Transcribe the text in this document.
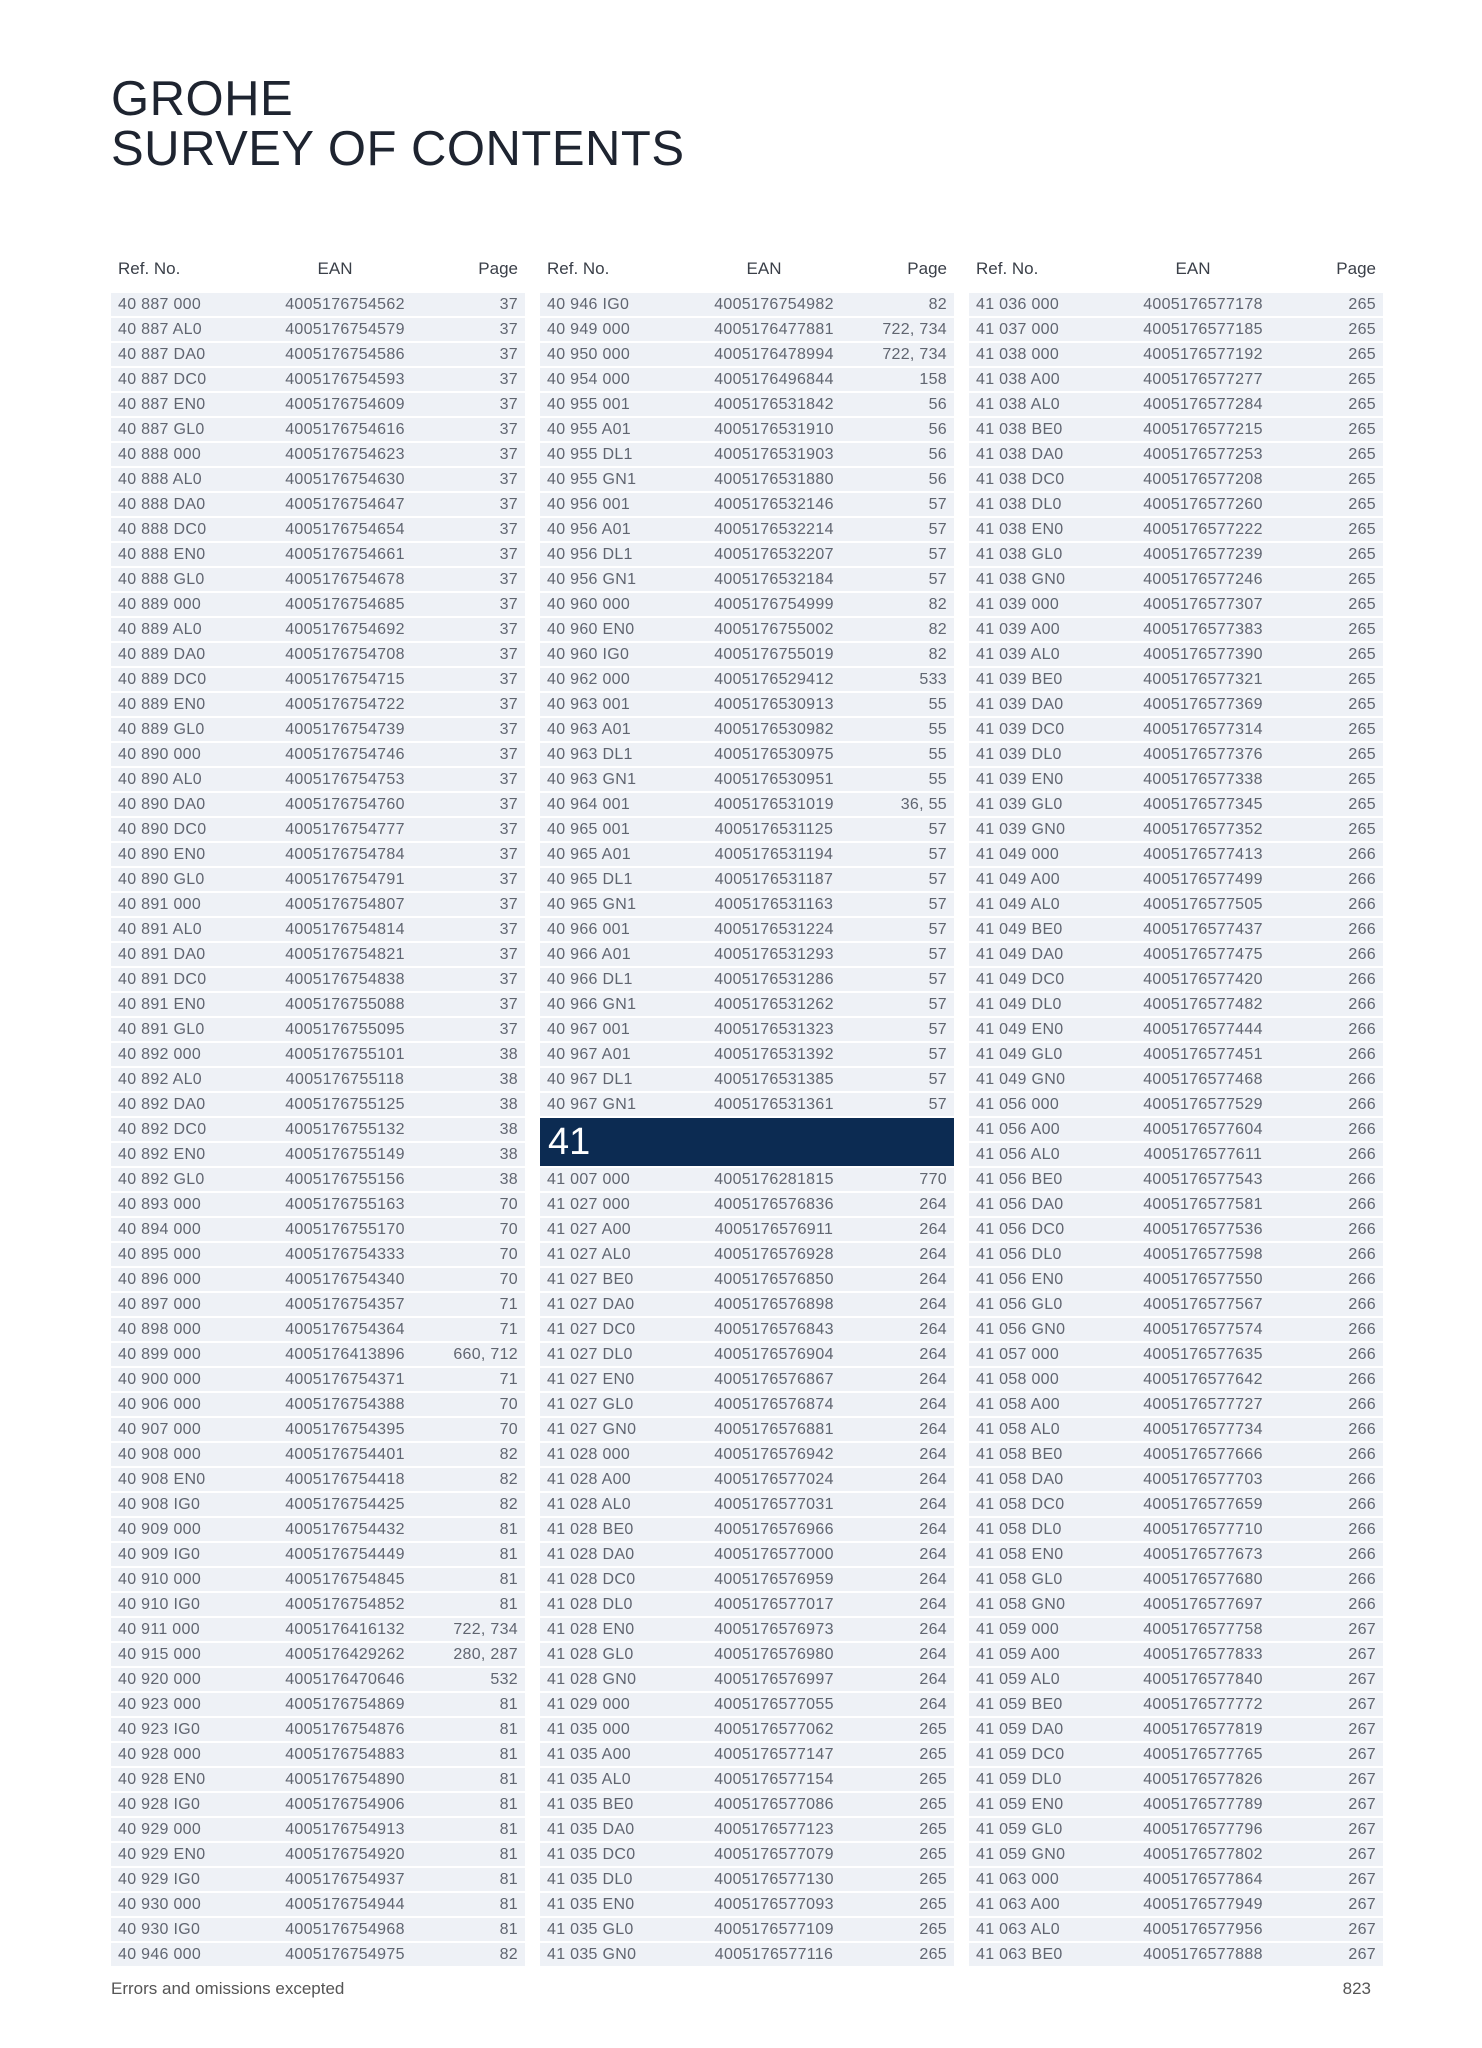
GROHE
SURVEY OF CONTENTS
Ref. No.	EAN	Page
40 887 000	4005176754562	37
40 887 AL0	4005176754579	37
40 887 DA0	4005176754586	37
40 887 DC0	4005176754593	37
40 887 EN0	4005176754609	37
40 887 GL0	4005176754616	37
40 888 000	4005176754623	37
40 888 AL0	4005176754630	37
40 888 DA0	4005176754647	37
40 888 DC0	4005176754654	37
40 888 EN0	4005176754661	37
40 888 GL0	4005176754678	37
40 889 000	4005176754685	37
40 889 AL0	4005176754692	37
40 889 DA0	4005176754708	37
40 889 DC0	4005176754715	37
40 889 EN0	4005176754722	37
40 889 GL0	4005176754739	37
40 890 000	4005176754746	37
40 890 AL0	4005176754753	37
40 890 DA0	4005176754760	37
40 890 DC0	4005176754777	37
40 890 EN0	4005176754784	37
40 890 GL0	4005176754791	37
40 891 000	4005176754807	37
40 891 AL0	4005176754814	37
40 891 DA0	4005176754821	37
40 891 DC0	4005176754838	37
40 891 EN0	4005176755088	37
40 891 GL0	4005176755095	37
40 892 000	4005176755101	38
40 892 AL0	4005176755118	38
40 892 DA0	4005176755125	38
40 892 DC0	4005176755132	38
40 892 EN0	4005176755149	38
40 892 GL0	4005176755156	38
40 893 000	4005176755163	70
40 894 000	4005176755170	70
40 895 000	4005176754333	70
40 896 000	4005176754340	70
40 897 000	4005176754357	71
40 898 000	4005176754364	71
40 899 000	4005176413896	660, 712
40 900 000	4005176754371	71
40 906 000	4005176754388	70
40 907 000	4005176754395	70
40 908 000	4005176754401	82
40 908 EN0	4005176754418	82
40 908 IG0	4005176754425	82
40 909 000	4005176754432	81
40 909 IG0	4005176754449	81
40 910 000	4005176754845	81
40 910 IG0	4005176754852	81
40 911 000	4005176416132	722, 734
40 915 000	4005176429262	280, 287
40 920 000	4005176470646	532
40 923 000	4005176754869	81
40 923 IG0	4005176754876	81
40 928 000	4005176754883	81
40 928 EN0	4005176754890	81
40 928 IG0	4005176754906	81
40 929 000	4005176754913	81
40 929 EN0	4005176754920	81
40 929 IG0	4005176754937	81
40 930 000	4005176754944	81
40 930 IG0	4005176754968	81
40 946 000	4005176754975	82
Ref. No.	EAN	Page
40 946 IG0	4005176754982	82
40 949 000	4005176477881	722, 734
40 950 000	4005176478994	722, 734
40 954 000	4005176496844	158
40 955 001	4005176531842	56
40 955 A01	4005176531910	56
40 955 DL1	4005176531903	56
40 955 GN1	4005176531880	56
40 956 001	4005176532146	57
40 956 A01	4005176532214	57
40 956 DL1	4005176532207	57
40 956 GN1	4005176532184	57
40 960 000	4005176754999	82
40 960 EN0	4005176755002	82
40 960 IG0	4005176755019	82
40 962 000	4005176529412	533
40 963 001	4005176530913	55
40 963 A01	4005176530982	55
40 963 DL1	4005176530975	55
40 963 GN1	4005176530951	55
40 964 001	4005176531019	36, 55
40 965 001	4005176531125	57
40 965 A01	4005176531194	57
40 965 DL1	4005176531187	57
40 965 GN1	4005176531163	57
40 966 001	4005176531224	57
40 966 A01	4005176531293	57
40 966 DL1	4005176531286	57
40 966 GN1	4005176531262	57
40 967 001	4005176531323	57
40 967 A01	4005176531392	57
40 967 DL1	4005176531385	57
40 967 GN1	4005176531361	57
41
41 007 000	4005176281815	770
41 027 000	4005176576836	264
41 027 A00	4005176576911	264
41 027 AL0	4005176576928	264
41 027 BE0	4005176576850	264
41 027 DA0	4005176576898	264
41 027 DC0	4005176576843	264
41 027 DL0	4005176576904	264
41 027 EN0	4005176576867	264
41 027 GL0	4005176576874	264
41 027 GN0	4005176576881	264
41 028 000	4005176576942	264
41 028 A00	4005176577024	264
41 028 AL0	4005176577031	264
41 028 BE0	4005176576966	264
41 028 DA0	4005176577000	264
41 028 DC0	4005176576959	264
41 028 DL0	4005176577017	264
41 028 EN0	4005176576973	264
41 028 GL0	4005176576980	264
41 028 GN0	4005176576997	264
41 029 000	4005176577055	264
41 035 000	4005176577062	265
41 035 A00	4005176577147	265
41 035 AL0	4005176577154	265
41 035 BE0	4005176577086	265
41 035 DA0	4005176577123	265
41 035 DC0	4005176577079	265
41 035 DL0	4005176577130	265
41 035 EN0	4005176577093	265
41 035 GL0	4005176577109	265
41 035 GN0	4005176577116	265
Ref. No.	EAN	Page
41 036 000	4005176577178	265
41 037 000	4005176577185	265
41 038 000	4005176577192	265
41 038 A00	4005176577277	265
41 038 AL0	4005176577284	265
41 038 BE0	4005176577215	265
41 038 DA0	4005176577253	265
41 038 DC0	4005176577208	265
41 038 DL0	4005176577260	265
41 038 EN0	4005176577222	265
41 038 GL0	4005176577239	265
41 038 GN0	4005176577246	265
41 039 000	4005176577307	265
41 039 A00	4005176577383	265
41 039 AL0	4005176577390	265
41 039 BE0	4005176577321	265
41 039 DA0	4005176577369	265
41 039 DC0	4005176577314	265
41 039 DL0	4005176577376	265
41 039 EN0	4005176577338	265
41 039 GL0	4005176577345	265
41 039 GN0	4005176577352	265
41 049 000	4005176577413	266
41 049 A00	4005176577499	266
41 049 AL0	4005176577505	266
41 049 BE0	4005176577437	266
41 049 DA0	4005176577475	266
41 049 DC0	4005176577420	266
41 049 DL0	4005176577482	266
41 049 EN0	4005176577444	266
41 049 GL0	4005176577451	266
41 049 GN0	4005176577468	266
41 056 000	4005176577529	266
41 056 A00	4005176577604	266
41 056 AL0	4005176577611	266
41 056 BE0	4005176577543	266
41 056 DA0	4005176577581	266
41 056 DC0	4005176577536	266
41 056 DL0	4005176577598	266
41 056 EN0	4005176577550	266
41 056 GL0	4005176577567	266
41 056 GN0	4005176577574	266
41 057 000	4005176577635	266
41 058 000	4005176577642	266
41 058 A00	4005176577727	266
41 058 AL0	4005176577734	266
41 058 BE0	4005176577666	266
41 058 DA0	4005176577703	266
41 058 DC0	4005176577659	266
41 058 DL0	4005176577710	266
41 058 EN0	4005176577673	266
41 058 GL0	4005176577680	266
41 058 GN0	4005176577697	266
41 059 000	4005176577758	267
41 059 A00	4005176577833	267
41 059 AL0	4005176577840	267
41 059 BE0	4005176577772	267
41 059 DA0	4005176577819	267
41 059 DC0	4005176577765	267
41 059 DL0	4005176577826	267
41 059 EN0	4005176577789	267
41 059 GL0	4005176577796	267
41 059 GN0	4005176577802	267
41 063 000	4005176577864	267
41 063 A00	4005176577949	267
41 063 AL0	4005176577956	267
41 063 BE0	4005176577888	267
Errors and omissions excepted	823
